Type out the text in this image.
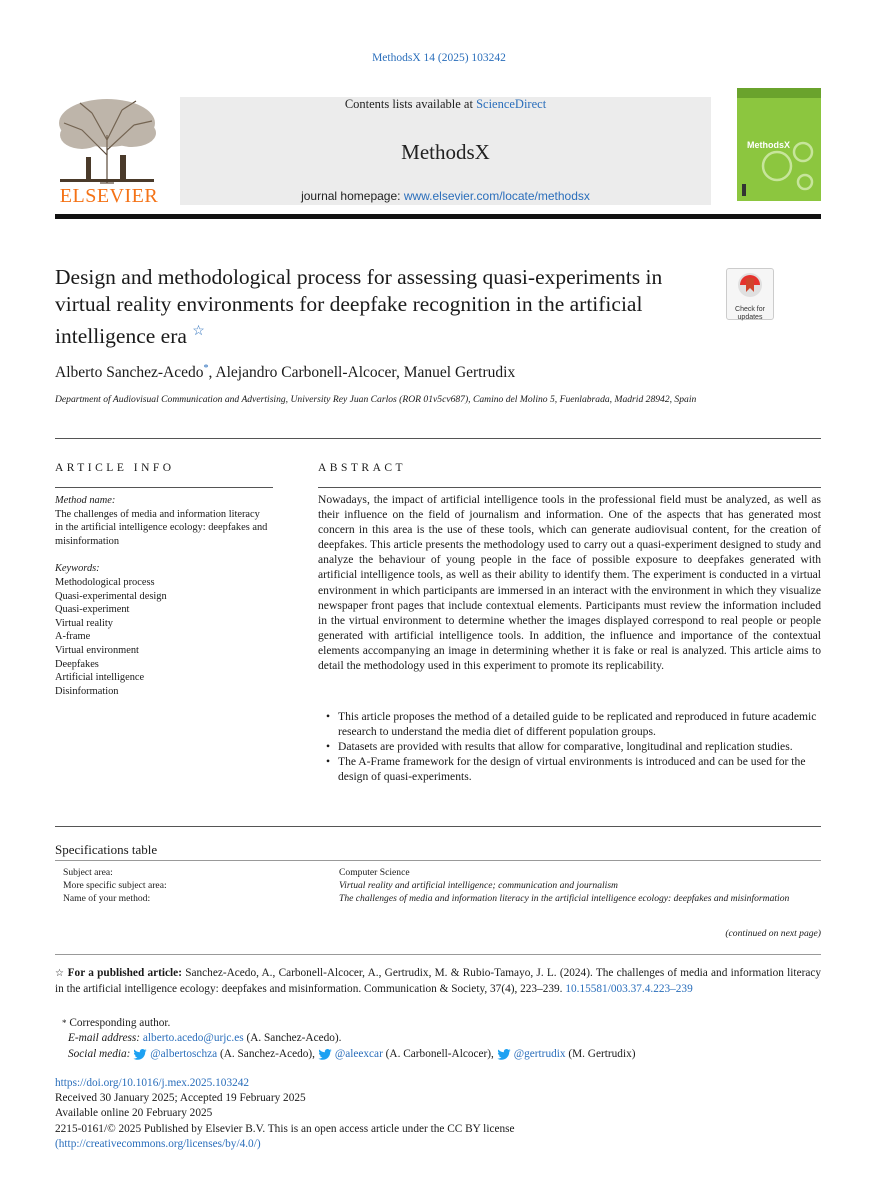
MethodsX 14 (2025) 103242
ELSEVIER
Contents lists available at ScienceDirect
MethodsX
journal homepage: www.elsevier.com/locate/methodsx
MethodsX
Design and methodological process for assessing quasi-experiments in virtual reality environments for deepfake recognition in the artificial intelligence era ☆
Check for updates
Alberto Sanchez-Acedo*, Alejandro Carbonell-Alcocer, Manuel Gertrudix
Department of Audiovisual Communication and Advertising, University Rey Juan Carlos (ROR 01v5cv687), Camino del Molino 5, Fuenlabrada, Madrid 28942, Spain
ARTICLE INFO
Method name:
The challenges of media and information literacy in the artificial intelligence ecology: deepfakes and misinformation
Keywords:
Methodological process
Quasi-experimental design
Quasi-experiment
Virtual reality
A-frame
Virtual environment
Deepfakes
Artificial intelligence
Disinformation
ABSTRACT
Nowadays, the impact of artificial intelligence tools in the professional field must be analyzed, as well as their influence on the field of journalism and information. One of the aspects that has generated most concern in this area is the use of these tools, which can generate audiovisual content, for the creation of deepfakes. This article presents the methodology used to carry out a quasi-experiment designed to study and analyze the behaviour of young people in the face of possible exposure to deepfakes generated with artificial intelligence tools, as well as their ability to identify them. The experiment is conducted in a virtual environment in which participants are immersed in an interact with the environment in which they visualize newspaper front pages that include contextual elements. Participants must review the information included in the virtual environment to determine whether the images displayed correspond to real people or people generated with artificial intelligence tools. In addition, the influence and importance of the contextual elements accompanying an image in determining whether it is fake or real is analyzed. This article aims to detail the methodology used in this experiment to promote its replicability.
• This article proposes the method of a detailed guide to be replicated and reproduced in future academic research to understand the media diet of different population groups.
• Datasets are provided with results that allow for comparative, longitudinal and replication studies.
• The A-Frame framework for the design of virtual environments is introduced and can be used for the design of quasi-experiments.
Specifications table
Subject area:	Computer Science
More specific subject area:	Virtual reality and artificial intelligence; communication and journalism
Name of your method:	The challenges of media and information literacy in the artificial intelligence ecology: deepfakes and misinformation
(continued on next page)
☆ For a published article: Sanchez-Acedo, A., Carbonell-Alcocer, A., Gertrudix, M. & Rubio-Tamayo, J. L. (2024). The challenges of media and information literacy in the artificial intelligence ecology: deepfakes and misinformation. Communication & Society, 37(4), 223–239. 10.15581/003.37.4.223–239
* Corresponding author.
E-mail address: alberto.acedo@urjc.es (A. Sanchez-Acedo).
Social media: @albertoschza (A. Sanchez-Acedo), @aleexcar (A. Carbonell-Alcocer), @gertrudix (M. Gertrudix)
https://doi.org/10.1016/j.mex.2025.103242
Received 30 January 2025; Accepted 19 February 2025
Available online 20 February 2025
2215-0161/© 2025 Published by Elsevier B.V. This is an open access article under the CC BY license
(http://creativecommons.org/licenses/by/4.0/)
